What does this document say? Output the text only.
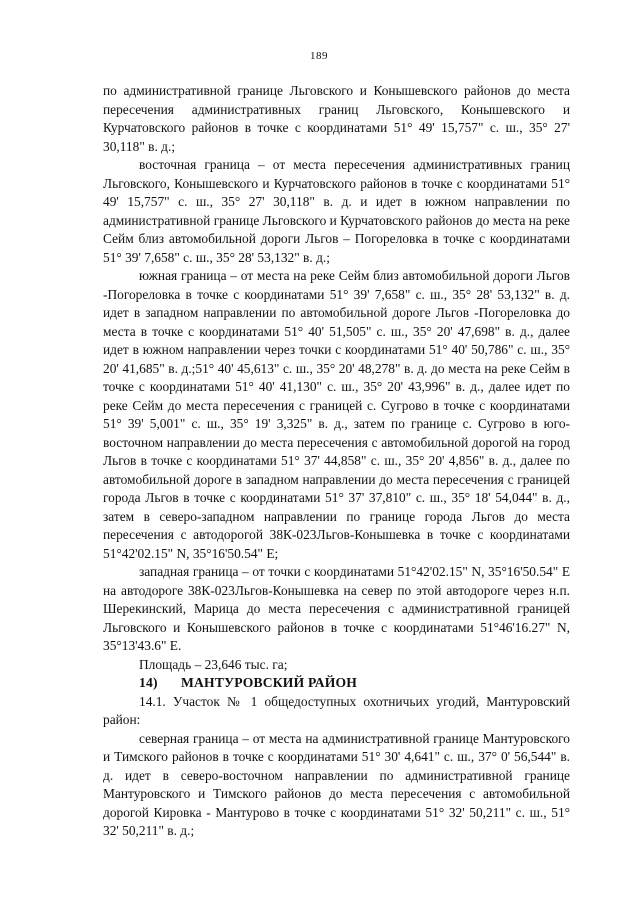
189

по административной границе Льговского и Конышевского районов до места пересечения административных границ Льговского, Конышевского и Курчатовского районов в точке с координатами 51° 49' 15,757" с. ш., 35° 27' 30,118" в. д.;

восточная граница – от места пересечения административных границ Льговского, Конышевского и Курчатовского районов в точке с координатами 51° 49' 15,757" с. ш., 35° 27' 30,118" в. д. и идет в южном направлении по административной границе Льговского и Курчатовского районов до места на реке Сейм близ автомобильной дороги Льгов – Погореловка в точке с координатами 51° 39' 7,658" с. ш., 35° 28' 53,132" в. д.;

южная граница – от места на реке Сейм близ автомобильной дороги Льгов -Погореловка в точке с координатами 51° 39' 7,658" с. ш., 35° 28' 53,132" в. д. идет в западном направлении по автомобильной дороге Льгов -Погореловка до места в точке с координатами 51° 40' 51,505" с. ш., 35° 20' 47,698" в. д., далее идет в южном направлении через точки с координатами 51° 40' 50,786" с. ш., 35° 20' 41,685" в. д.;51° 40' 45,613" с. ш., 35° 20' 48,278" в. д. до места на реке Сейм в точке с координатами 51° 40' 41,130" с. ш., 35° 20' 43,996" в. д., далее идет по реке Сейм до места пересечения с границей с. Сугрово в точке с координатами 51° 39' 5,001" с. ш., 35° 19' 3,325" в. д., затем по границе с. Сугрово в юго-восточном направлении до места пересечения с автомобильной дорогой на город Льгов в точке с координатами 51° 37' 44,858" с. ш., 35° 20' 4,856" в. д., далее по автомобильной дороге в западном направлении до места пересечения с границей города Льгов в точке с координатами 51° 37' 37,810" с. ш., 35° 18' 54,044" в. д., затем в северо-западном направлении по границе города Льгов до места пересечения с автодорогой 38К-023Льгов-Конышевка в точке с координатами 51°42'02.15" N, 35°16'50.54" E;

западная граница – от точки с координатами 51°42'02.15" N, 35°16'50.54" E на автодороге 38К-023Льгов-Конышевка на север по этой автодороге через н.п. Шерекинский, Марица до места пересечения с административной границей Льговского и Конышевского районов в точке с координатами 51°46'16.27" N, 35°13'43.6" E.

Площадь – 23,646 тыс. га;

14) МАНТУРОВСКИЙ РАЙОН

14.1. Участок № 1 общедоступных охотничьих угодий, Мантуровский район:

северная граница – от места на административной границе Мантуровского и Тимского районов в точке с координатами 51° 30' 4,641" с. ш., 37° 0' 56,544" в. д. идет в северо-восточном направлении по административной границе Мантуровского и Тимского районов до места пересечения с автомобильной дорогой Кировка - Мантурово в точке с координатами 51° 32' 50,211" с. ш., 51° 32' 50,211" в. д.;
